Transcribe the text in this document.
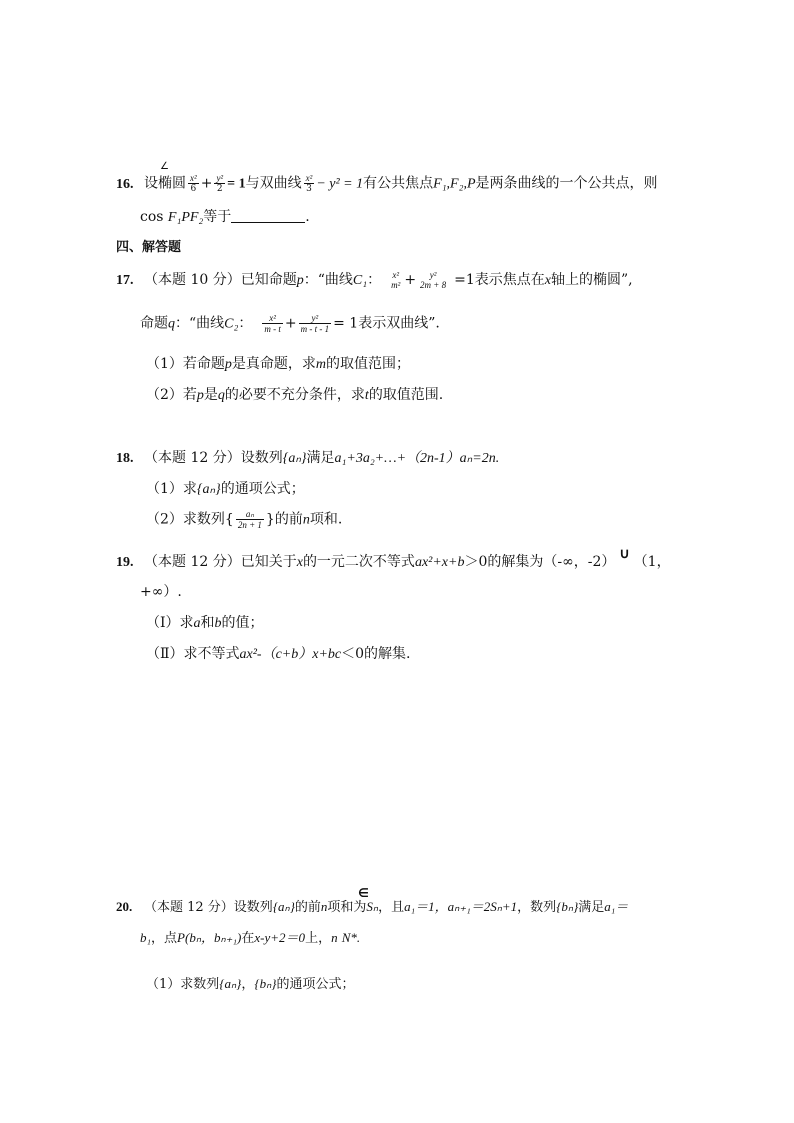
16. 设椭圆 $\frac{\text{x²}}{6} + \frac{\text{y²}}{2} = 1$与双曲线 $\frac{\text{x²}}{3} - y^2 = 1$有公共焦点F₁,F₂,P是两条曲线的一个公共点，则
∠
cos F₁PF₂等于	.
四、解答题
17. （本题 10 分）已知命题p：“曲线C₁：	x²
m² +	y²
2m + 8 =1表示焦点在x轴上的椭圆”,
命题q：“曲线C₂： $\frac{\text{x²}}{m - t} + \frac{\text{y²}}{m - t - 1} = 1$表示双曲线”.
（1）若命题p是真命题，求m的取值范围；
（2）若p是q的必要不充分条件，求t的取值范围.
18. （本题 12 分）设数列{aₙ}满足a₁+3a₂+…+（2n-1）aₙ=2n.
（1）求{aₙ}的通项公式；
（2）求数列{ $\frac{\text{aₙ}}{2n + 1}$ }的前n项和.
19. （本题 12 分）已知关于x的一元二次不等式ax²+x+b＞0的解集为（-∞，-2） ∪ （1，
+∞）.
（Ⅰ）求a和b的值；
（Ⅱ）求不等式ax²-（c+b）x+bc＜0的解集.
∈
20. （本题 12 分）设数列{aₙ}的前n项和为Sₙ，且a₁＝1，aₙ₊₁＝2Sₙ+1，数列{bₙ}满足a₁＝
b₁，点P(bₙ，bₙ₊₁)在x-y+2＝0上，n N*.
（1）求数列{aₙ}，{bₙ}的通项公式；
